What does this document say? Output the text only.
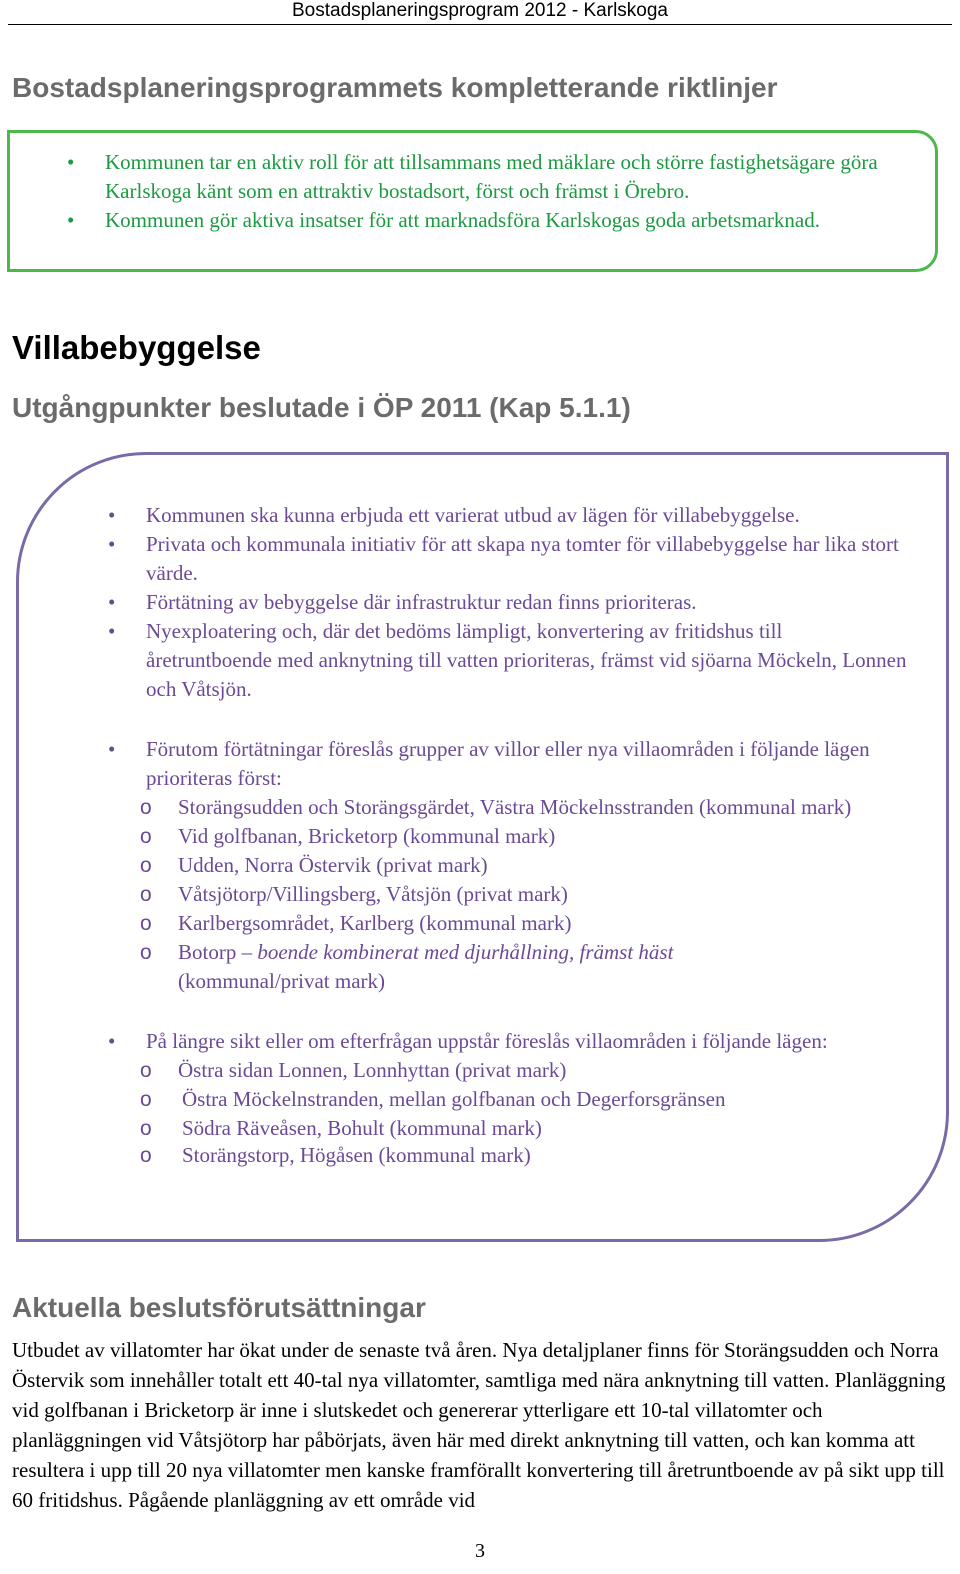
Bostadsplaneringsprogram 2012 - Karlskoga
Bostadsplaneringsprogrammets kompletterande riktlinjer
•	Kommunen tar en aktiv roll för att tillsammans med mäklare och större fastighetsägare göra Karlskoga känt som en attraktiv bostadsort, först och främst i Örebro.
•	Kommunen gör aktiva insatser för att marknadsföra Karlskogas goda arbetsmarknad.
Villabebyggelse
Utgångpunkter beslutade i ÖP 2011 (Kap 5.1.1)
•	Kommunen ska kunna erbjuda ett varierat utbud av lägen för villabebyggelse.
•	Privata och kommunala initiativ för att skapa nya tomter för villabebyggelse har lika stort värde.
•	Förtätning av bebyggelse där infrastruktur redan finns prioriteras.
•	Nyexploatering och, där det bedöms lämpligt, konvertering av fritidshus till åretruntboende med anknytning till vatten prioriteras, främst vid sjöarna Möckeln, Lonnen och Våtsjön.
•	Förutom förtätningar föreslås grupper av villor eller nya villaområden i följande lägen prioriteras först:
o	Storängsudden och Storängsgärdet, Västra Möckelnsstranden (kommunal mark)
o	Vid golfbanan, Bricketorp (kommunal mark)
o	Udden, Norra Östervik (privat mark)
o	Våtsjötorp/Villingsberg, Våtsjön (privat mark)
o	Karlbergsområdet, Karlberg (kommunal mark)
o	Botorp – boende kombinerat med djurhållning, främst häst
(kommunal/privat mark)
•	På längre sikt eller om efterfrågan uppstår föreslås villaområden i följande lägen:
o	Östra sidan Lonnen, Lonnhyttan (privat mark)
o	Östra Möckelnstranden, mellan golfbanan och Degerforsgränsen
o	Södra Räveåsen, Bohult (kommunal mark)
o	Storängstorp, Högåsen (kommunal mark)
Aktuella beslutsförutsättningar

Utbudet av villatomter har ökat under de senaste två åren. Nya detaljplaner finns för Storängsudden och Norra Östervik som innehåller totalt ett 40-tal nya villatomter, samtliga med nära anknytning till vatten. Planläggning vid golfbanan i Bricketorp är inne i slutskedet och genererar ytterligare ett 10-tal villatomter och planläggningen vid Våtsjötorp har påbörjats, även här med direkt anknytning till vatten, och kan komma att resultera i upp till 20 nya villatomter men kanske framförallt konvertering till åretruntboende av på sikt upp till 60 fritidshus. Pågående planläggning av ett område vid

3
